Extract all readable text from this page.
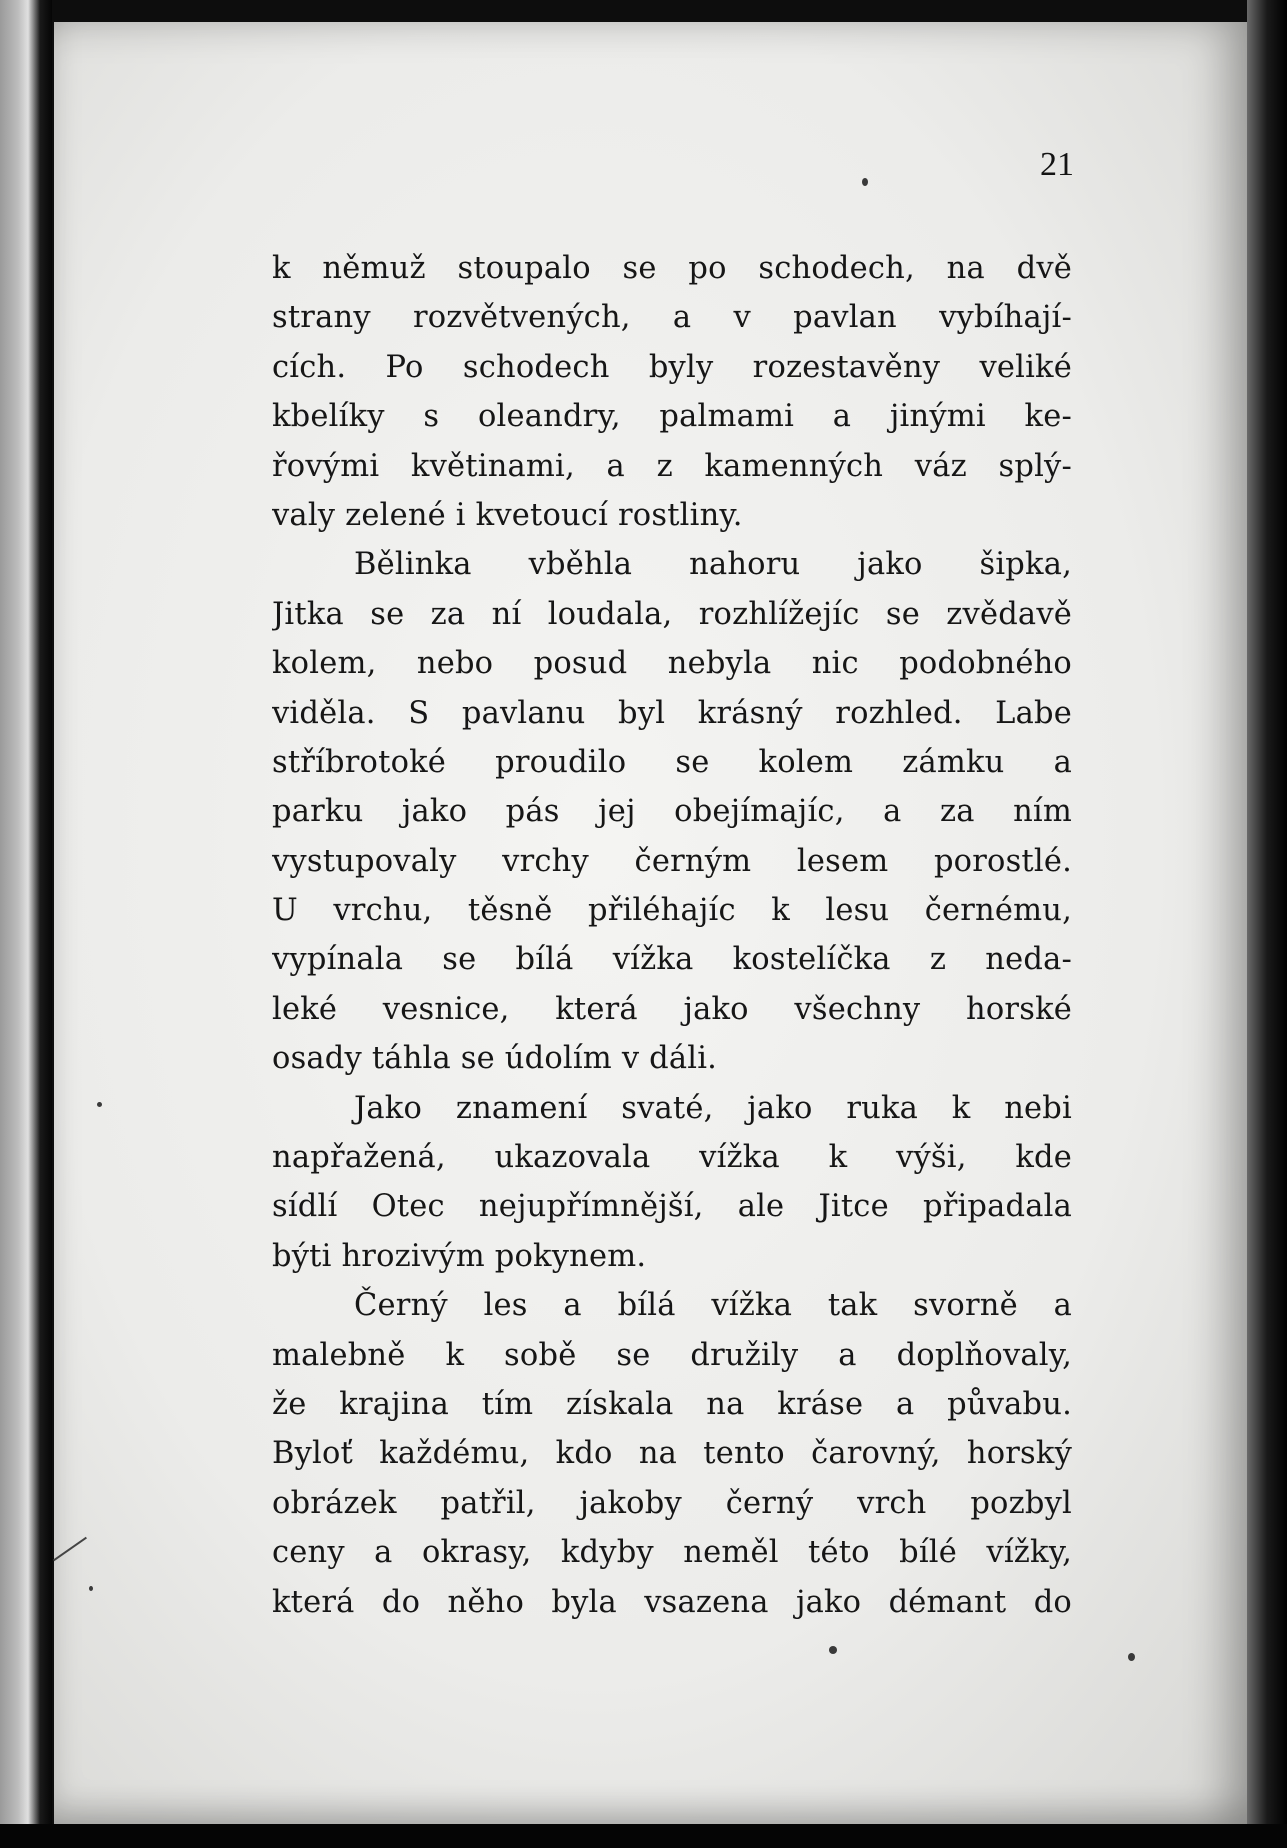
21
k němuž stoupalo se po schodech, na dvě
strany rozvětvených, a v pavlan vybíhají-
cích. Po schodech byly rozestavěny veliké
kbelíky s oleandry, palmami a jinými ke-
řovými květinami, a z kamenných váz splý-
valy zelené i kvetoucí rostliny.
Bělinka vběhla nahoru jako šipka,
Jitka se za ní loudala, rozhlížejíc se zvědavě
kolem, nebo posud nebyla nic podobného
viděla. S pavlanu byl krásný rozhled. Labe
stříbrotoké proudilo se kolem zámku a
parku jako pás jej obejímajíc, a za ním
vystupovaly vrchy černým lesem porostlé.
U vrchu, těsně přiléhajíc k lesu černému,
vypínala se bílá vížka kostelíčka z neda-
leké vesnice, která jako všechny horské
osady táhla se údolím v dáli.
Jako znamení svaté, jako ruka k nebi
napřažená, ukazovala vížka k výši, kde
sídlí Otec nejupřímnější, ale Jitce připadala
býti hrozivým pokynem.
Černý les a bílá vížka tak svorně a
malebně k sobě se družily a doplňovaly,
že krajina tím získala na kráse a půvabu.
Byloť každému, kdo na tento čarovný, horský
obrázek patřil, jakoby černý vrch pozbyl
ceny a okrasy, kdyby neměl této bílé vížky,
která do něho byla vsazena jako démant do
